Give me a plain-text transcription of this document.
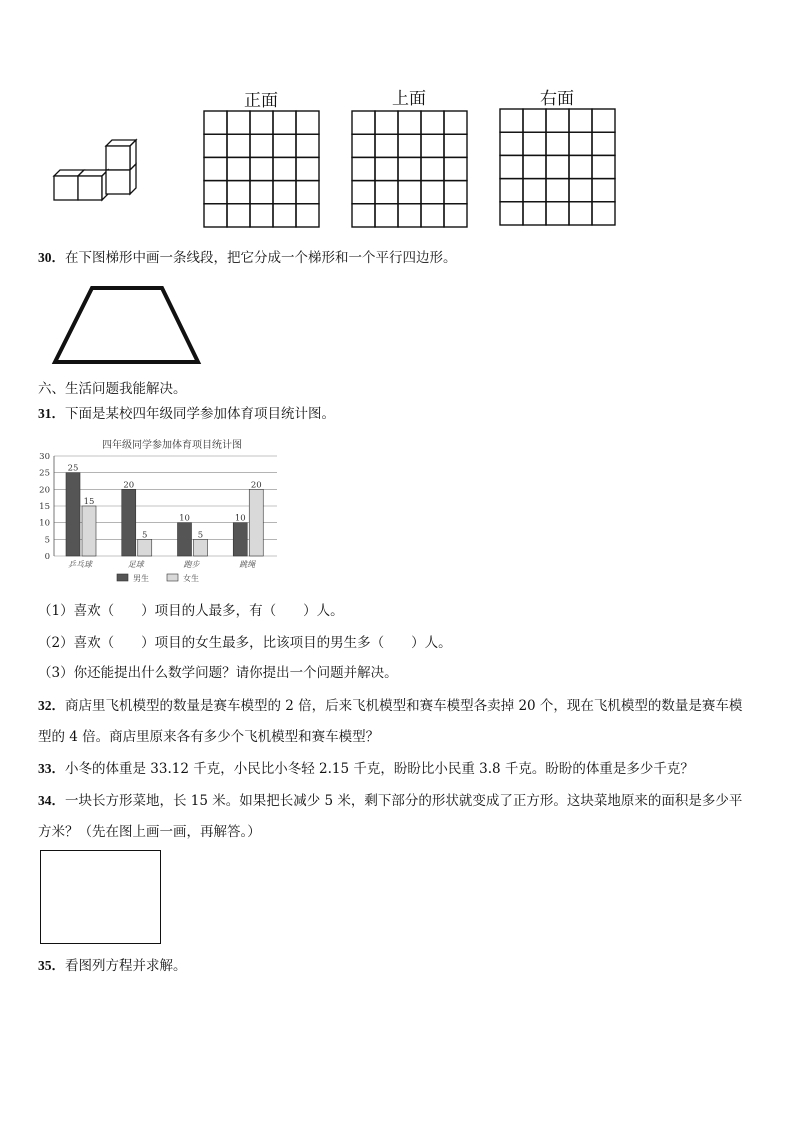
正面	上面	右面
30．在下图梯形中画一条线段，把它分成一个梯形和一个平行四边形。
六、生活问题我能解决。
31．下面是某校四年级同学参加体育项目统计图。
四年级同学参加体育项目统计图
0
5
10
15
20
25
30
25
15
20
5
10
5
10
20
乒乓球	足球	跑步	跳绳
男生	女生
（1）喜欢（　　）项目的人最多，有（　　）人。
（2）喜欢（　　）项目的女生最多，比该项目的男生多（　　）人。
（3）你还能提出什么数学问题？请你提出一个问题并解决。
32．商店里飞机模型的数量是赛车模型的 2 倍，后来飞机模型和赛车模型各卖掉 20 个，现在飞机模型的数量是赛车模
型的 4 倍。商店里原来各有多少个飞机模型和赛车模型？
33．小冬的体重是 33.12 千克，小民比小冬轻 2.15 千克，盼盼比小民重 3.8 千克。盼盼的体重是多少千克？
34．一块长方形菜地，长 15 米。如果把长减少 5 米，剩下部分的形状就变成了正方形。这块菜地原来的面积是多少平
方米？（先在图上画一画，再解答。）
35．看图列方程并求解。
